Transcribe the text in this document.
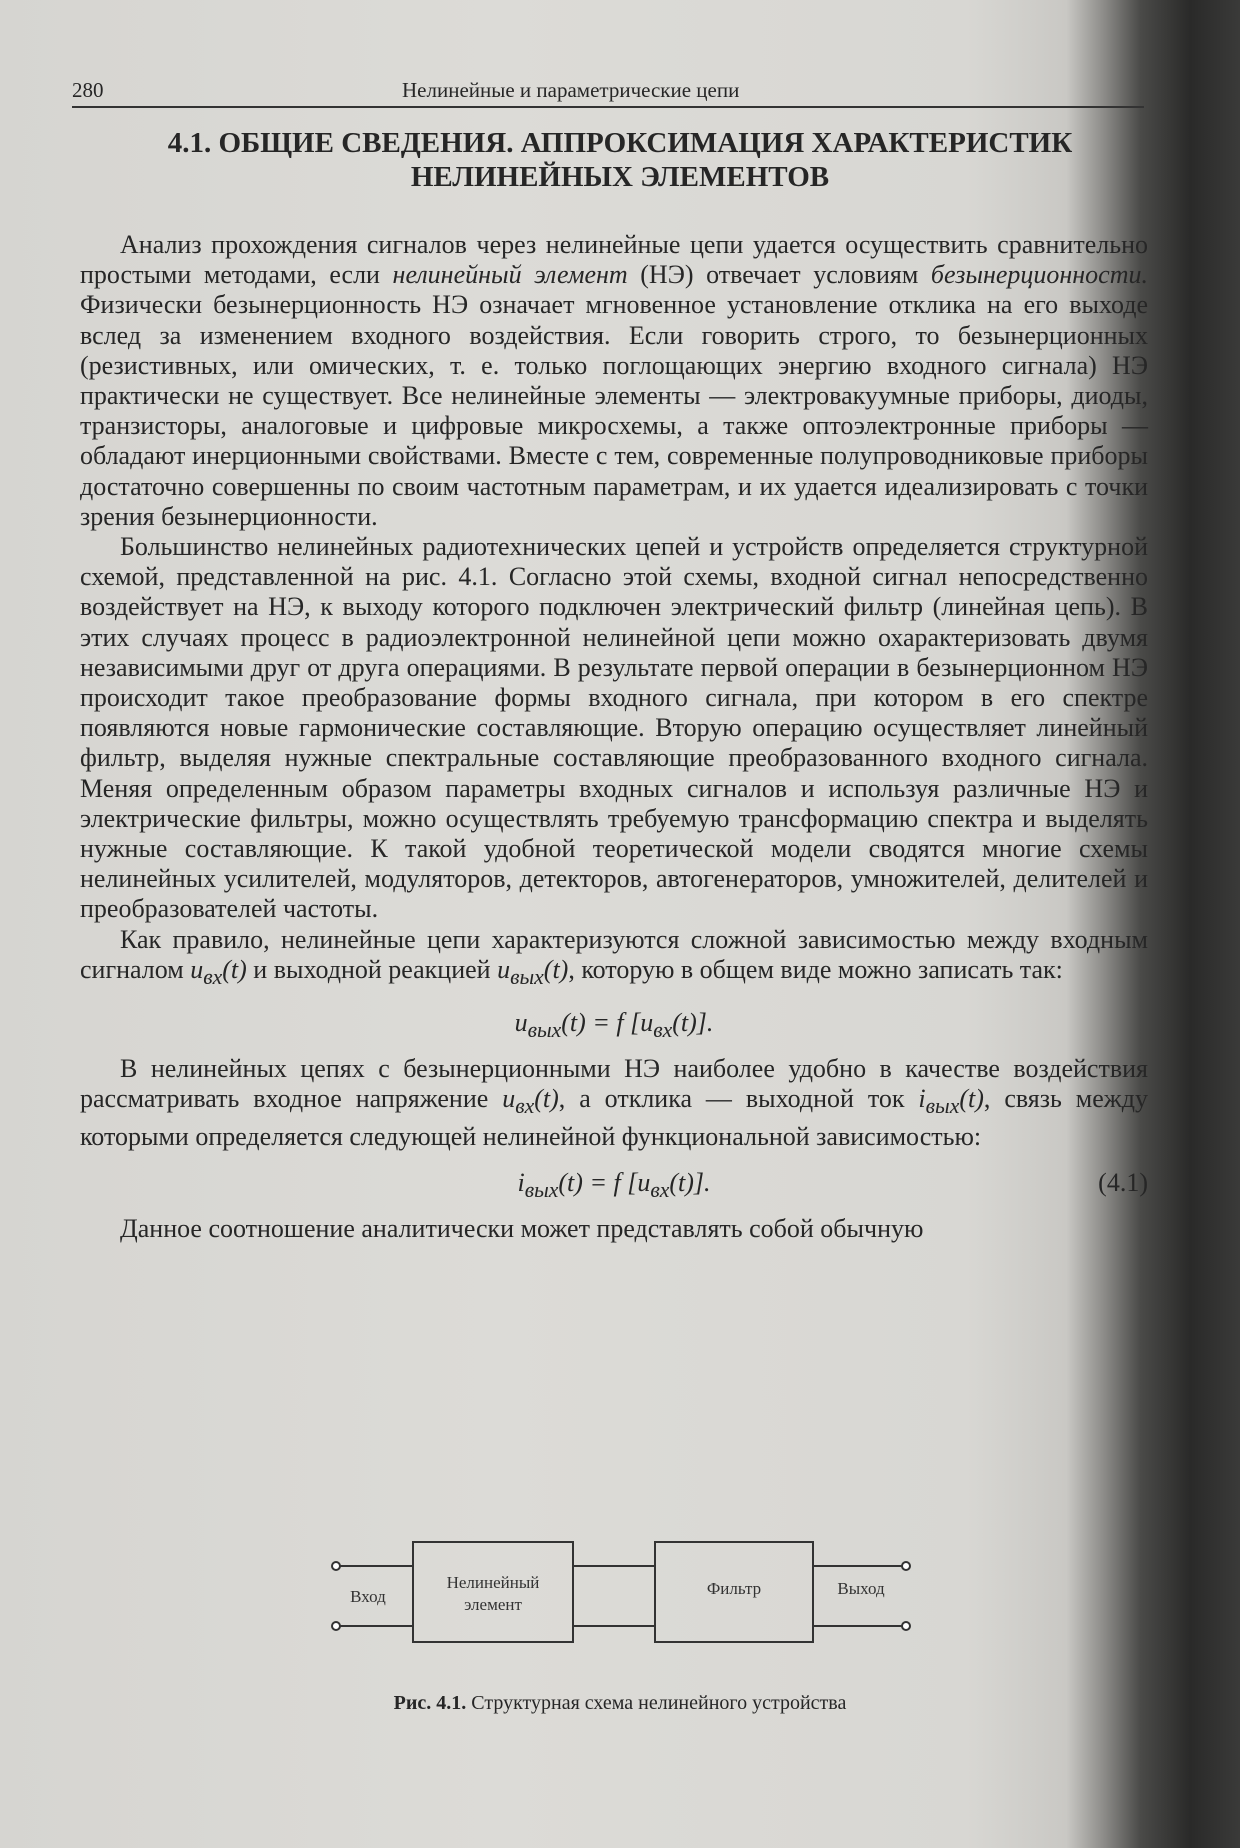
280	Нелинейные и параметрические цепи
4.1. ОБЩИЕ СВЕДЕНИЯ. АППРОКСИМАЦИЯ ХАРАКТЕРИСТИК
НЕЛИНЕЙНЫХ ЭЛЕМЕНТОВ

Анализ прохождения сигналов через нелинейные цепи удается осуществить сравнительно простыми методами, если нелинейный элемент (НЭ) отвечает условиям безынерционности. Физически безынерционность НЭ означает мгновенное установление отклика на его выходе вслед за изменением входного воздействия. Если говорить строго, то безынерционных (резистивных, или омических, т. е. только поглощающих энергию входного сигнала) НЭ практически не существует. Все нелинейные элементы — электровакуумные приборы, диоды, транзисторы, аналоговые и цифровые микросхемы, а также оптоэлектронные приборы — обладают инерционными свойствами. Вместе с тем, современные полупроводниковые приборы достаточно совершенны по своим частотным параметрам, и их удается идеализировать с точки зрения безынерционности.

Большинство нелинейных радиотехнических цепей и устройств определяется структурной схемой, представленной на рис. 4.1. Согласно этой схемы, входной сигнал непосредственно воздействует на НЭ, к выходу которого подключен электрический фильтр (линейная цепь). В этих случаях процесс в радиоэлектронной нелинейной цепи можно охарактеризовать двумя независимыми друг от друга операциями. В результате первой операции в безынерционном НЭ происходит такое преобразование формы входного сигнала, при котором в его спектре появляются новые гармонические составляющие. Вторую операцию осуществляет линейный фильтр, выделяя нужные спектральные составляющие преобразованного входного сигнала. Меняя определенным образом параметры входных сигналов и используя различные НЭ и электрические фильтры, можно осуществлять требуемую трансформацию спектра и выделять нужные составляющие. К такой удобной теоретической модели сводятся многие схемы нелинейных усилителей, модуляторов, детекторов, автогенераторов, умножителей, делителей и преобразователей частоты.

Как правило, нелинейные цепи характеризуются сложной зависимостью между входным сигналом $u_{вх}(t)$ и выходной реакцией $u_{вых}(t)$, которую в общем виде можно записать так:

$u_{вых}(t) = f$ $[u_{вх}(t)]$.

В нелинейных цепях с безынерционными НЭ наиболее удобно в качестве воздействия рассматривать входное напряжение $u_{вх}(t)$, а отклика — выходной ток $i_{вых}(t)$, связь между которыми определяется следующей нелинейной функциональной зависимостью:

$i_{вых}(t) = f$ $[u_{вх}(t)]$.	(4.1)

Данное соотношение аналитически может представлять собой обычную

Вход
Нелинейный элемент
Фильтр	Выход
Рис. 4.1. Структурная схема нелинейного устройства
